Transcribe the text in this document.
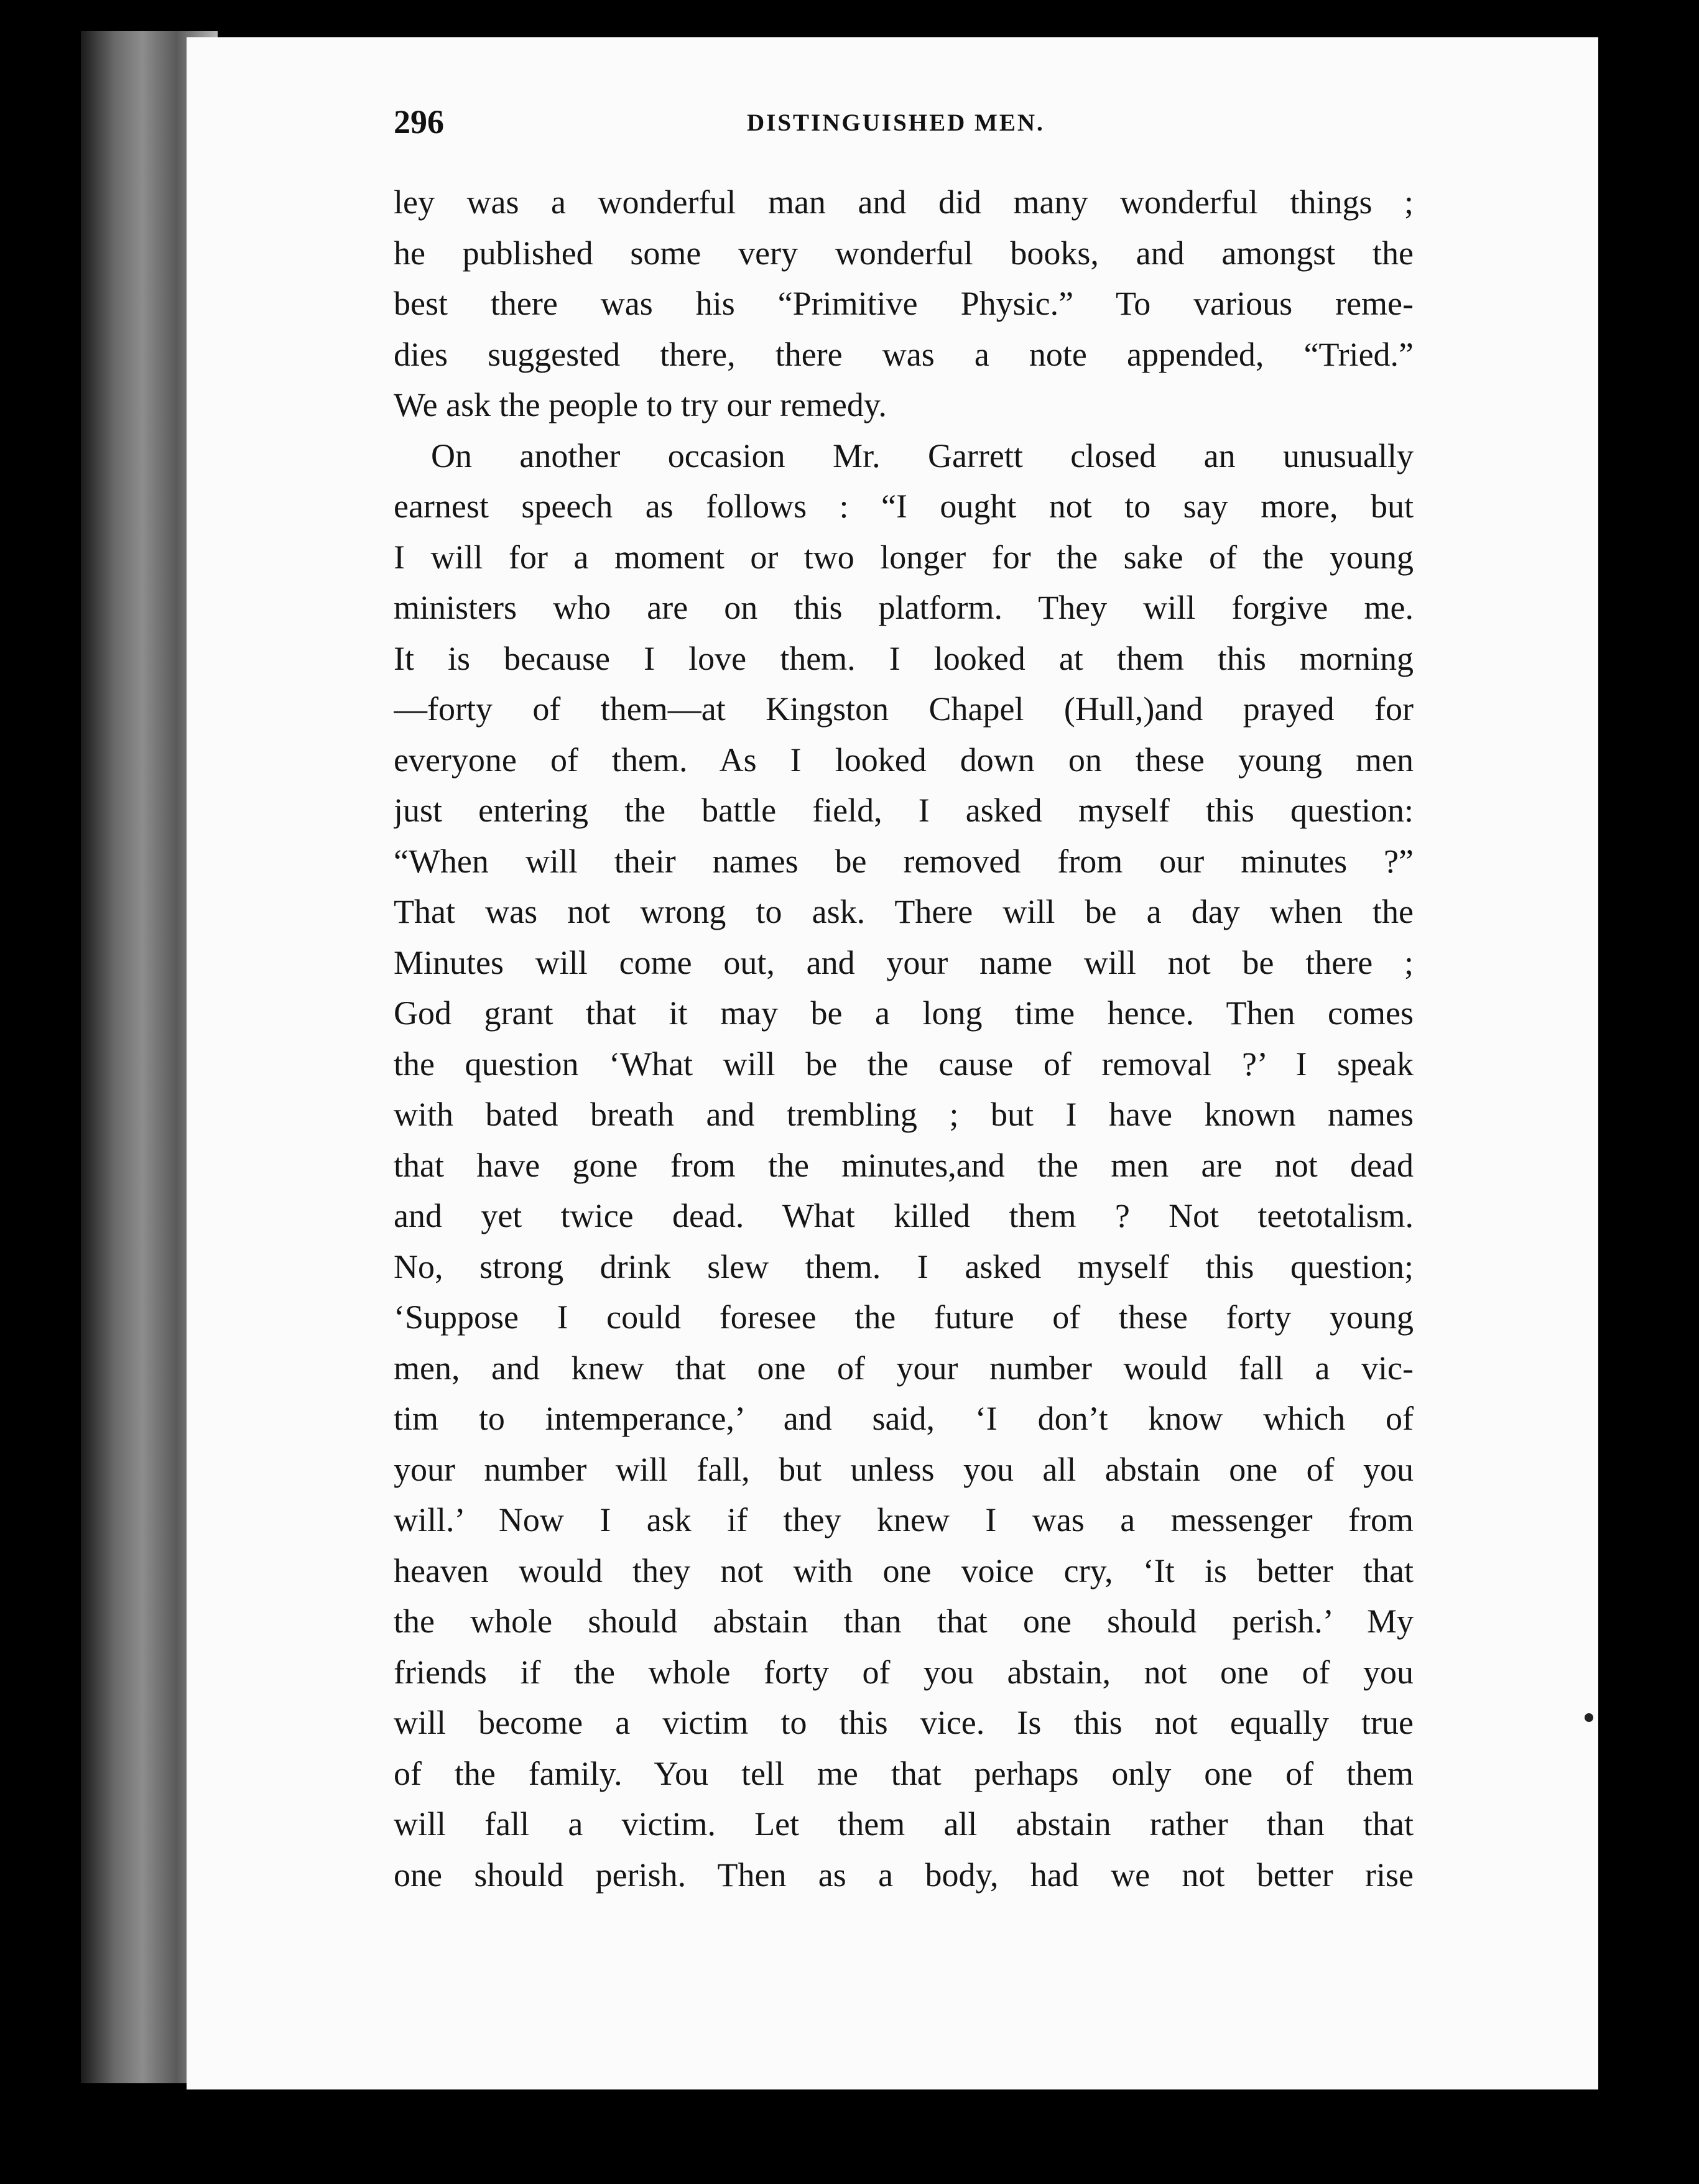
296	DISTINGUISHED MEN.
ley was a wonderful man and did many wonderful things ;
he published some very wonderful books, and amongst the
best there was his “Primitive Physic.” To various reme-
dies suggested there, there was a note appended, “Tried.”
We ask the people to try our remedy.
On another occasion Mr. Garrett closed an unusually
earnest speech as follows : “I ought not to say more, but
I will for a moment or two longer for the sake of the young
ministers who are on this platform. They will forgive me.
It is because I love them. I looked at them this morning
—forty of them—at Kingston Chapel (Hull,)and prayed for
everyone of them. As I looked down on these young men
just entering the battle field, I asked myself this question:
“When will their names be removed from our minutes ?”
That was not wrong to ask. There will be a day when the
Minutes will come out, and your name will not be there ;
God grant that it may be a long time hence. Then comes
the question ‘What will be the cause of removal ?’ I speak
with bated breath and trembling ; but I have known names
that have gone from the minutes,and the men are not dead
and yet twice dead. What killed them ? Not teetotalism.
No, strong drink slew them. I asked myself this question;
‘Suppose I could foresee the future of these forty young
men, and knew that one of your number would fall a vic-
tim to intemperance,’ and said, ‘I don’t know which of
your number will fall, but unless you all abstain one of you
will.’ Now I ask if they knew I was a messenger from
heaven would they not with one voice cry, ‘It is better that
the whole should abstain than that one should perish.’ My
friends if the whole forty of you abstain, not one of you
will become a victim to this vice. Is this not equally true
of the family. You tell me that perhaps only one of them
will fall a victim. Let them all abstain rather than that
one should perish. Then as a body, had we not better rise
